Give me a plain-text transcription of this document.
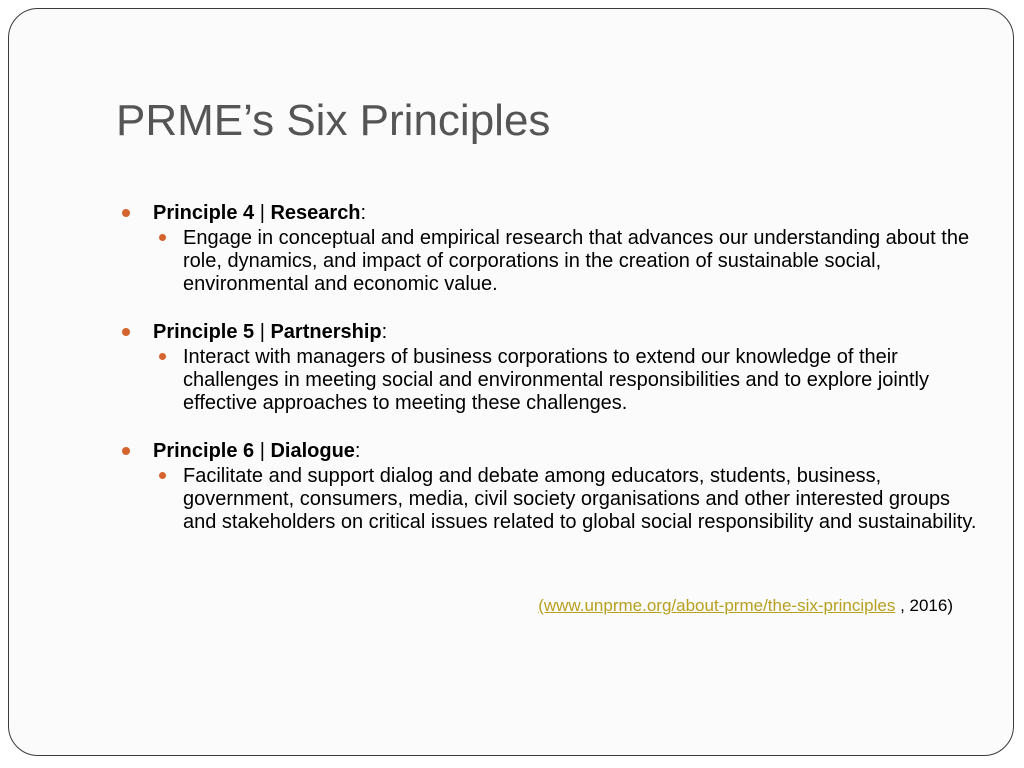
PRME’s Six Principles
Principle 4 | Research:
Engage in conceptual and empirical research that advances our understanding about the role, dynamics, and impact of corporations in the creation of sustainable social, environmental and economic value.
Principle 5 | Partnership:
Interact with managers of business corporations to extend our knowledge of their challenges in meeting social and environmental responsibilities and to explore jointly effective approaches to meeting these challenges.
Principle 6 | Dialogue:
Facilitate and support dialog and debate among educators, students, business, government, consumers, media, civil society organisations and other interested groups and stakeholders on critical issues related to global social responsibility and sustainability.
(www.unprme.org/about-prme/the-six-principles , 2016)
